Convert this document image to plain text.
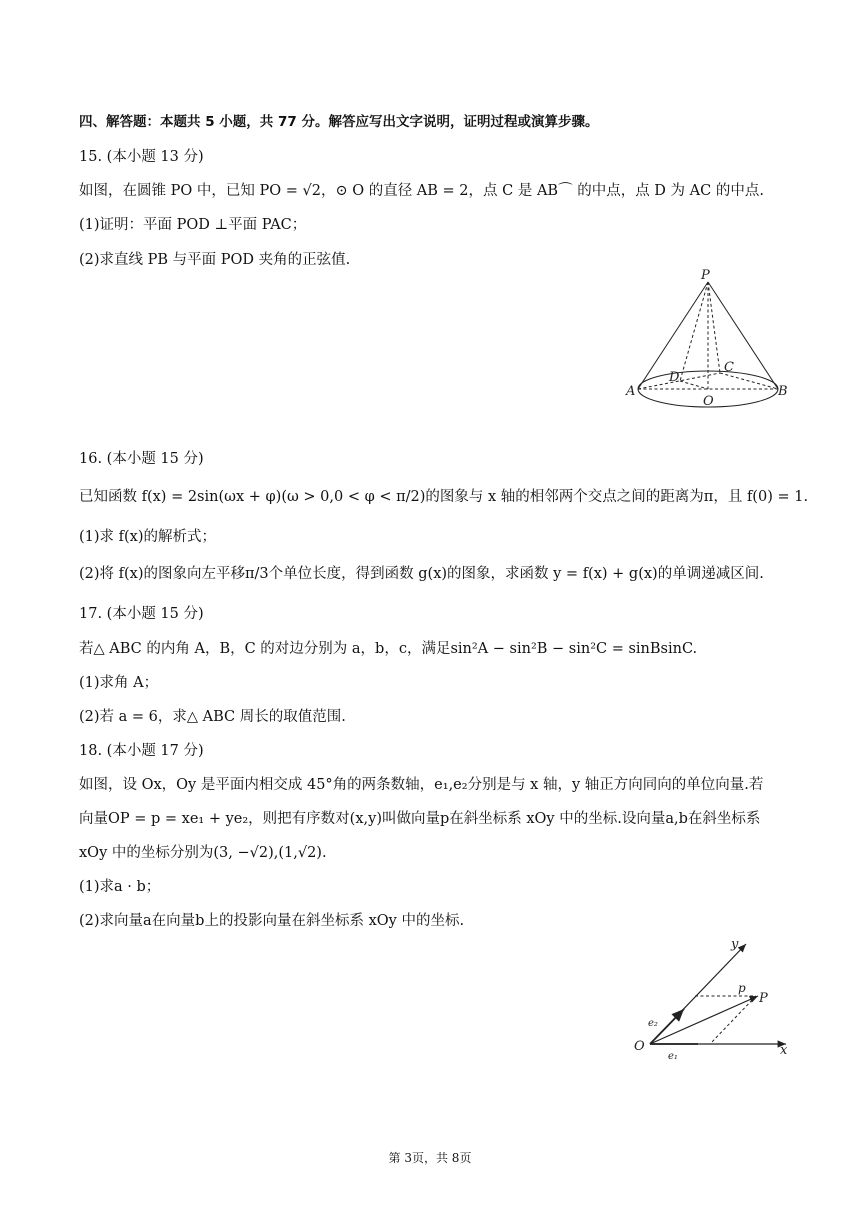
四、解答题：本题共 5 小题，共 77 分。解答应写出文字说明，证明过程或演算步骤。
15. (本小题 13 分)
如图，在圆锥 PO 中，已知 PO = √2，⊙ O 的直径 AB = 2，点 C 是 AB⌒ 的中点，点 D 为 AC 的中点.
(1)证明：平面 POD ⊥平面 PAC；
(2)求直线 PB 与平面 POD 夹角的正弦值.
P
A	B
C
D
O
16. (本小题 15 分)
已知函数 f(x) = 2sin(ωx + φ)(ω > 0,0 < φ < π/2)的图象与 x 轴的相邻两个交点之间的距离为π，且 f(0) = 1.
(1)求 f(x)的解析式；
(2)将 f(x)的图象向左平移π/3个单位长度，得到函数 g(x)的图象，求函数 y = f(x) + g(x)的单调递减区间.
17. (本小题 15 分)
若△ ABC 的内角 A，B，C 的对边分别为 a，b，c，满足sin²A − sin²B − sin²C = sinBsinC.
(1)求角 A；
(2)若 a = 6，求△ ABC 周长的取值范围.
18. (本小题 17 分)
如图，设 Ox，Oy 是平面内相交成 45°角的两条数轴，e₁,e₂分别是与 x 轴，y 轴正方向同向的单位向量.若
向量OP = p = xe₁ + ye₂，则把有序数对(x,y)叫做向量p在斜坐标系 xOy 中的坐标.设向量a,b在斜坐标系
xOy 中的坐标分别为(3, −√2),(1,√2).
(1)求a · b；
(2)求向量a在向量b上的投影向量在斜坐标系 xOy 中的坐标.
O	x
y
P
p
e₁
e₂
第 3页，共 8页
